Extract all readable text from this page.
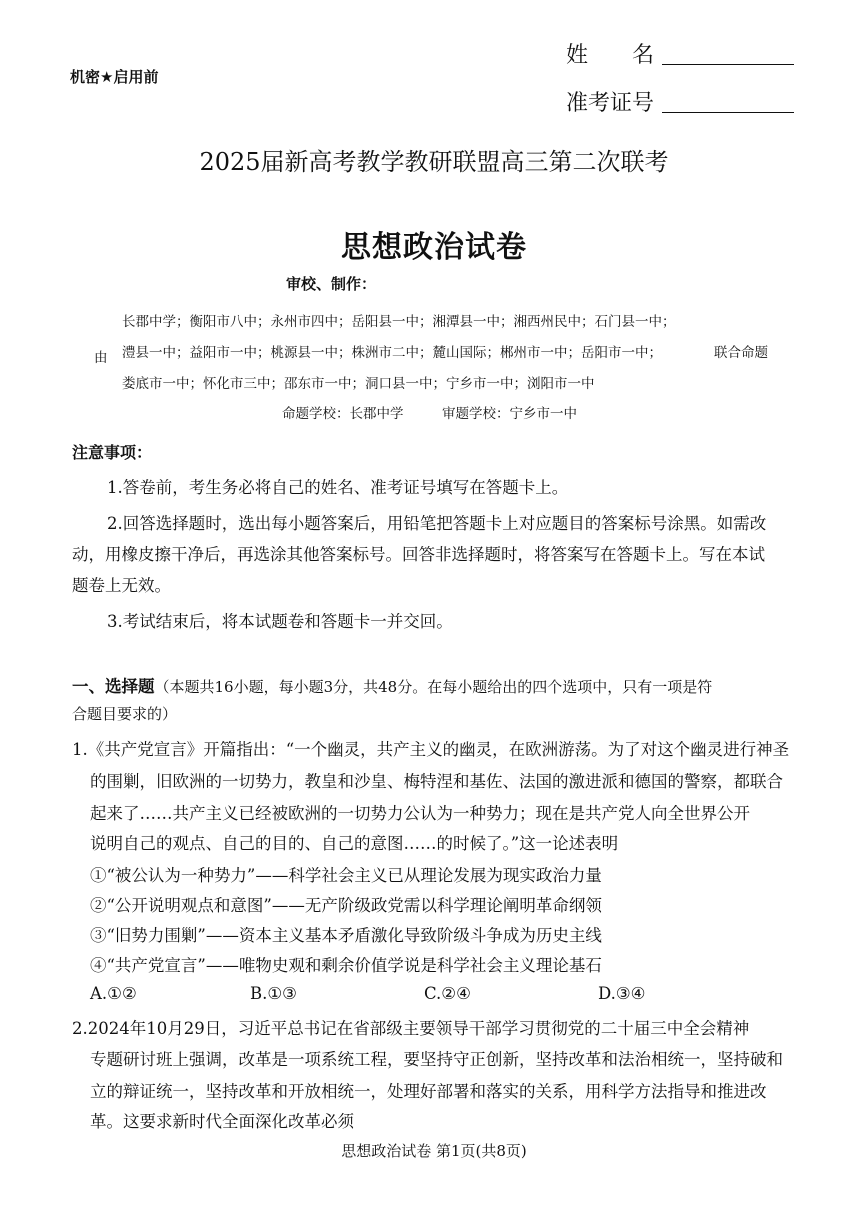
机密★启用前
姓　　名
准考证号
2025届新高考教学教研联盟高三第二次联考
思想政治试卷
审校、制作：
长郡中学；衡阳市八中；永州市四中；岳阳县一中；湘潭县一中；湘西州民中；石门县一中；
由 澧县一中；益阳市一中；桃源县一中；株洲市二中；麓山国际；郴州市一中；岳阳市一中；	联合命题
娄底市一中；怀化市三中；邵东市一中；洞口县一中；宁乡市一中；浏阳市一中
命题学校：长郡中学	审题学校：宁乡市一中
注意事项：
1.答卷前，考生务必将自己的姓名、准考证号填写在答题卡上。
2.回答选择题时，选出每小题答案后，用铅笔把答题卡上对应题目的答案标号涂黑。如需改
动，用橡皮擦干净后，再选涂其他答案标号。回答非选择题时，将答案写在答题卡上。写在本试
题卷上无效。
3.考试结束后，将本试题卷和答题卡一并交回。
一、选择题（本题共16小题，每小题3分，共48分。在每小题给出的四个选项中，只有一项是符
合题目要求的）
1.《共产党宣言》开篇指出：“一个幽灵，共产主义的幽灵，在欧洲游荡。为了对这个幽灵进行神圣
的围剿，旧欧洲的一切势力，教皇和沙皇、梅特涅和基佐、法国的激进派和德国的警察，都联合
起来了……共产主义已经被欧洲的一切势力公认为一种势力；现在是共产党人向全世界公开
说明自己的观点、自己的目的、自己的意图……的时候了。”这一论述表明
①“被公认为一种势力”——科学社会主义已从理论发展为现实政治力量
②“公开说明观点和意图”——无产阶级政党需以科学理论阐明革命纲领
③“旧势力围剿”——资本主义基本矛盾激化导致阶级斗争成为历史主线
④“共产党宣言”——唯物史观和剩余价值学说是科学社会主义理论基石
A.①②	B.①③	C.②④	D.③④
2.2024年10月29日，习近平总书记在省部级主要领导干部学习贯彻党的二十届三中全会精神
专题研讨班上强调，改革是一项系统工程，要坚持守正创新，坚持改革和法治相统一，坚持破和
立的辩证统一，坚持改革和开放相统一，处理好部署和落实的关系，用科学方法指导和推进改
革。这要求新时代全面深化改革必须
思想政治试卷 第1页(共8页)
